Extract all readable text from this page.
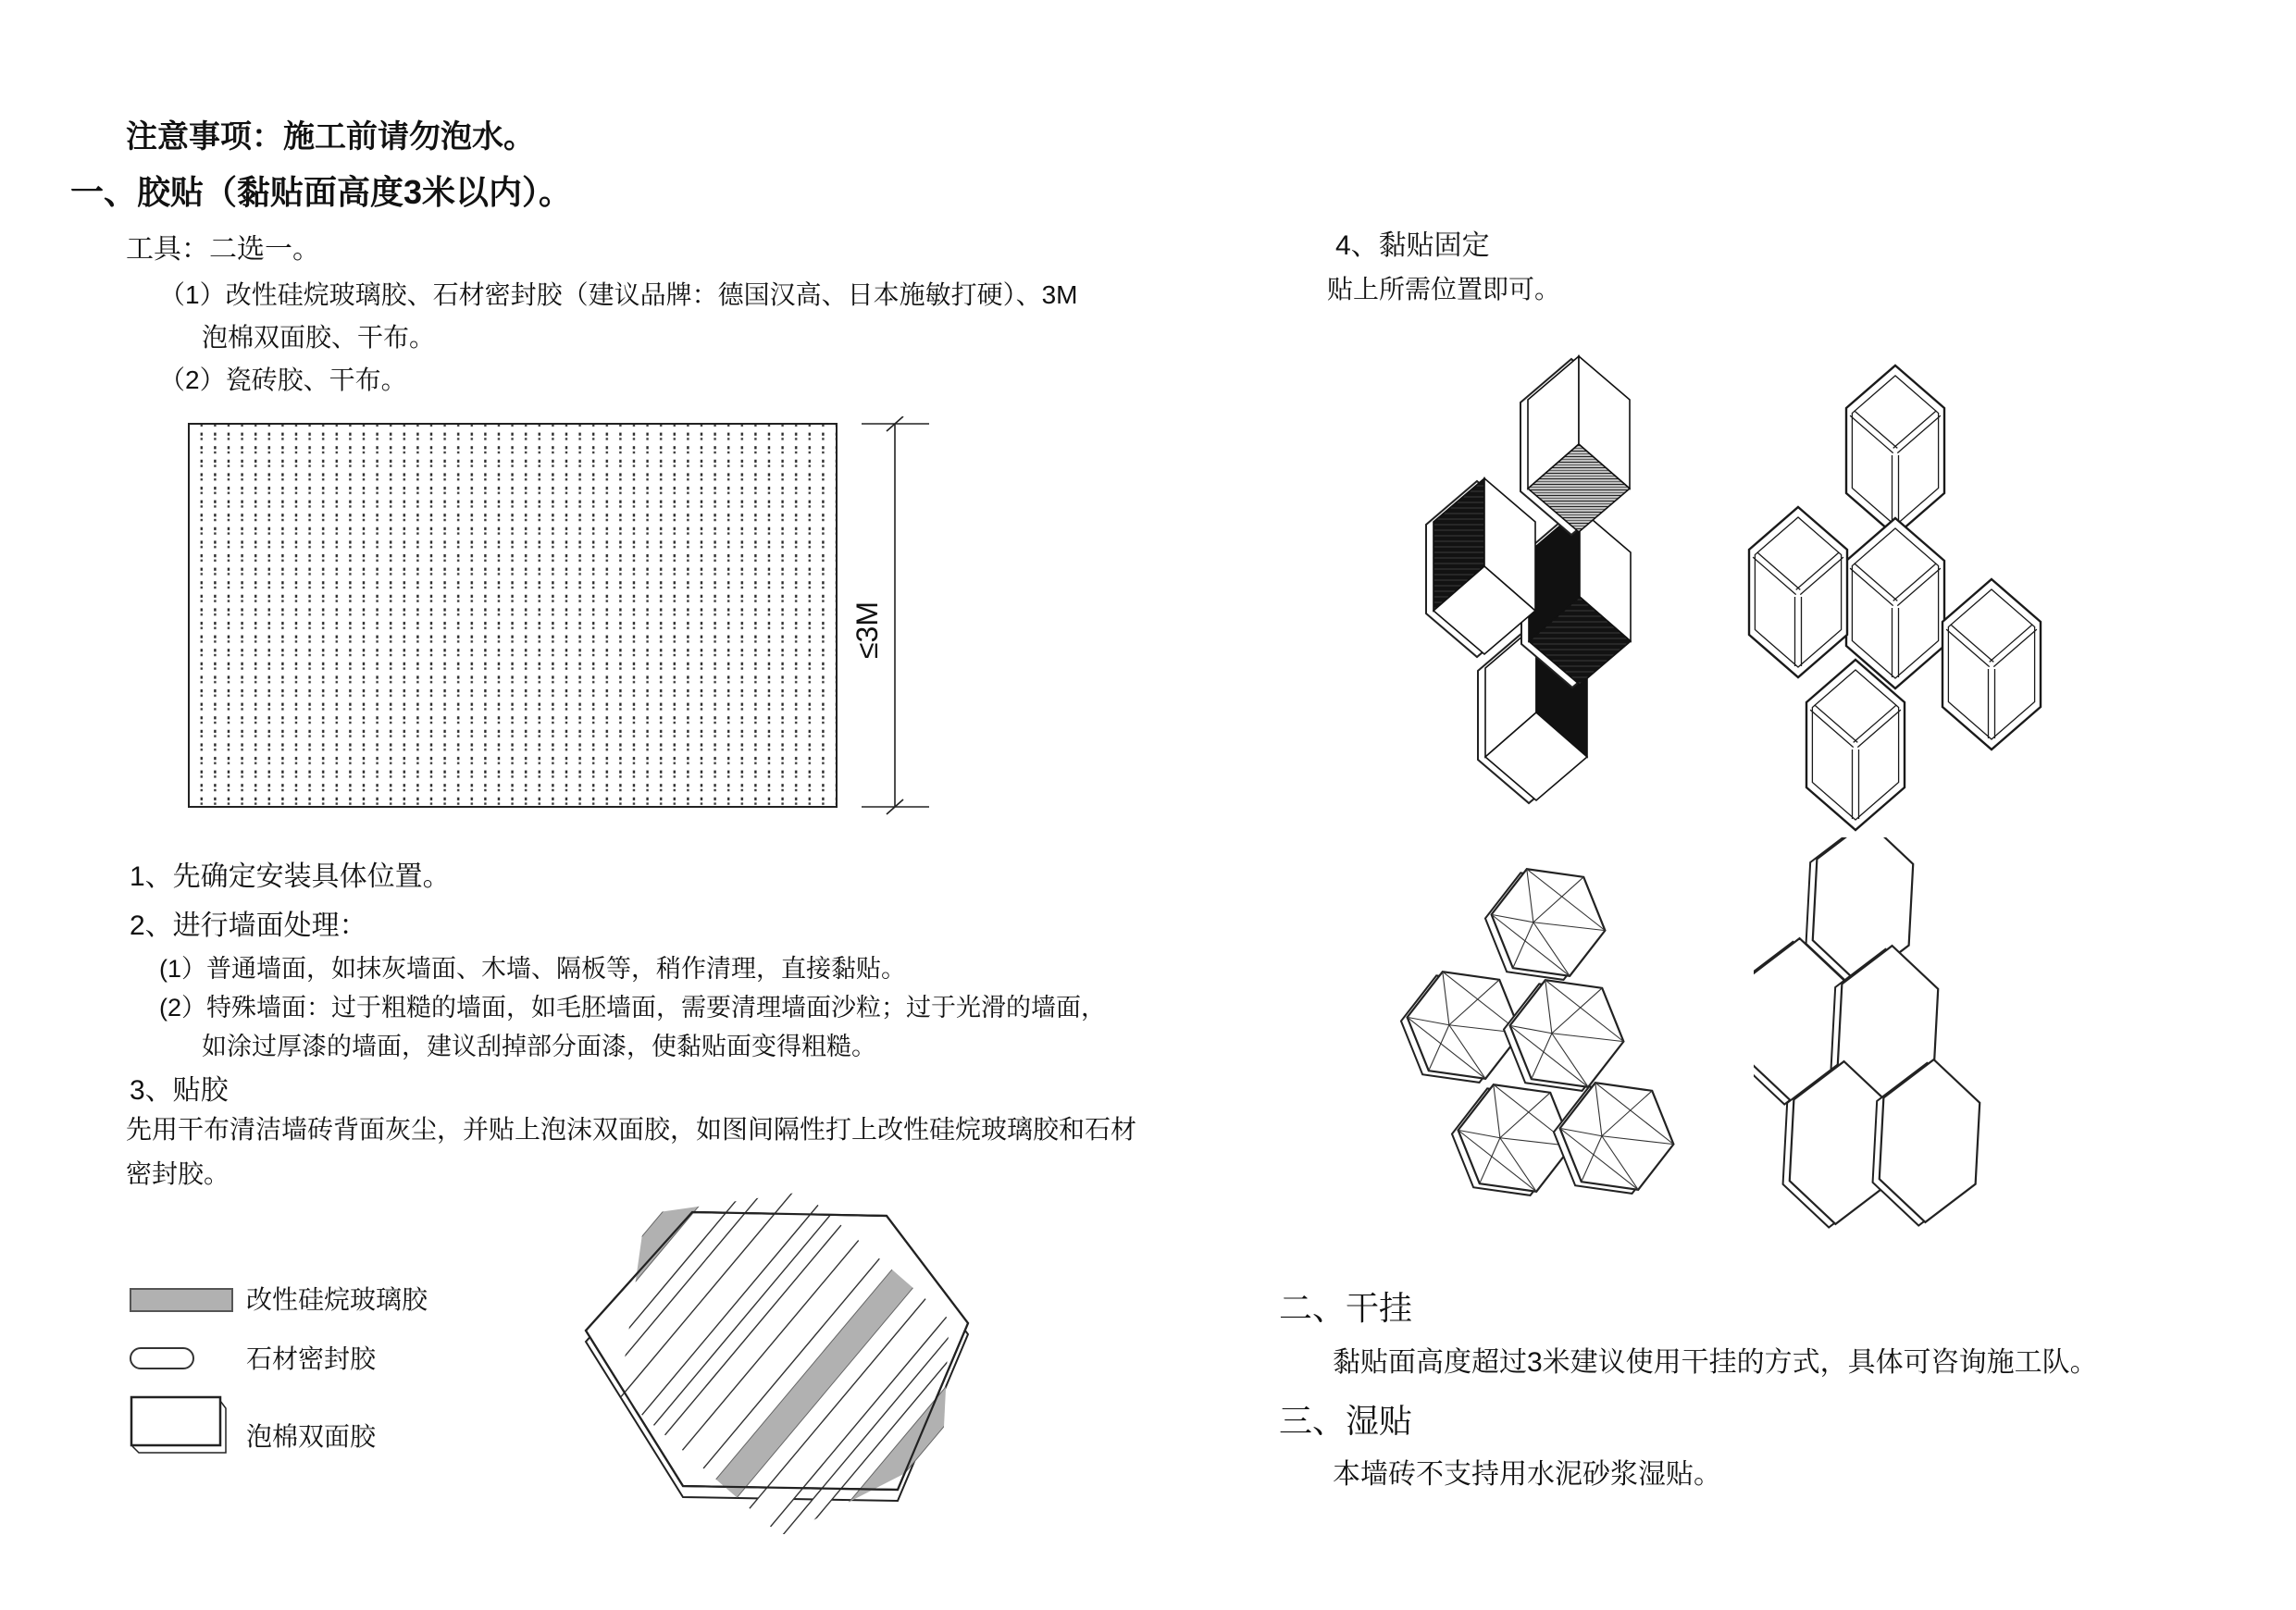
注意事项：施工前请勿泡水。
一、胶贴（黏贴面高度3米以内）。
工具：二选一。
（1）改性硅烷玻璃胶、石材密封胶（建议品牌：德国汉高、日本施敏打硬）、3M
泡棉双面胶、干布。
（2）瓷砖胶、干布。
≤3M
1、先确定安装具体位置。
2、进行墙面处理：
(1）普通墙面，如抹灰墙面、木墙、隔板等，稍作清理，直接黏贴。
(2）特殊墙面：过于粗糙的墙面，如毛胚墙面，需要清理墙面沙粒；过于光滑的墙面，
如涂过厚漆的墙面，建议刮掉部分面漆，使黏贴面变得粗糙。
3、贴胶
先用干布清洁墙砖背面灰尘，并贴上泡沫双面胶，如图间隔性打上改性硅烷玻璃胶和石材
密封胶。
改性硅烷玻璃胶
石材密封胶
泡棉双面胶
4、黏贴固定
贴上所需位置即可。
二、干挂
黏贴面高度超过3米建议使用干挂的方式，具体可咨询施工队。
三、湿贴
本墙砖不支持用水泥砂浆湿贴。
